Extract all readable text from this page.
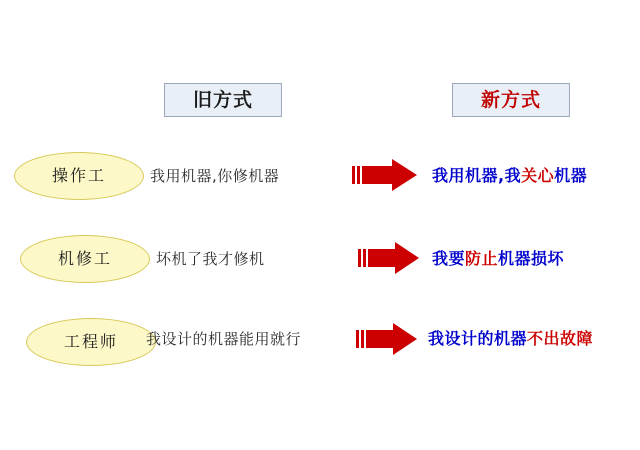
旧方式	新方式
操作工	我用机器,你修机器	我用机器,我关心机器
机修工	坏机了我才修机	我要防止机器损坏
工程师	我设计的机器能用就行	我设计的机器不出故障
